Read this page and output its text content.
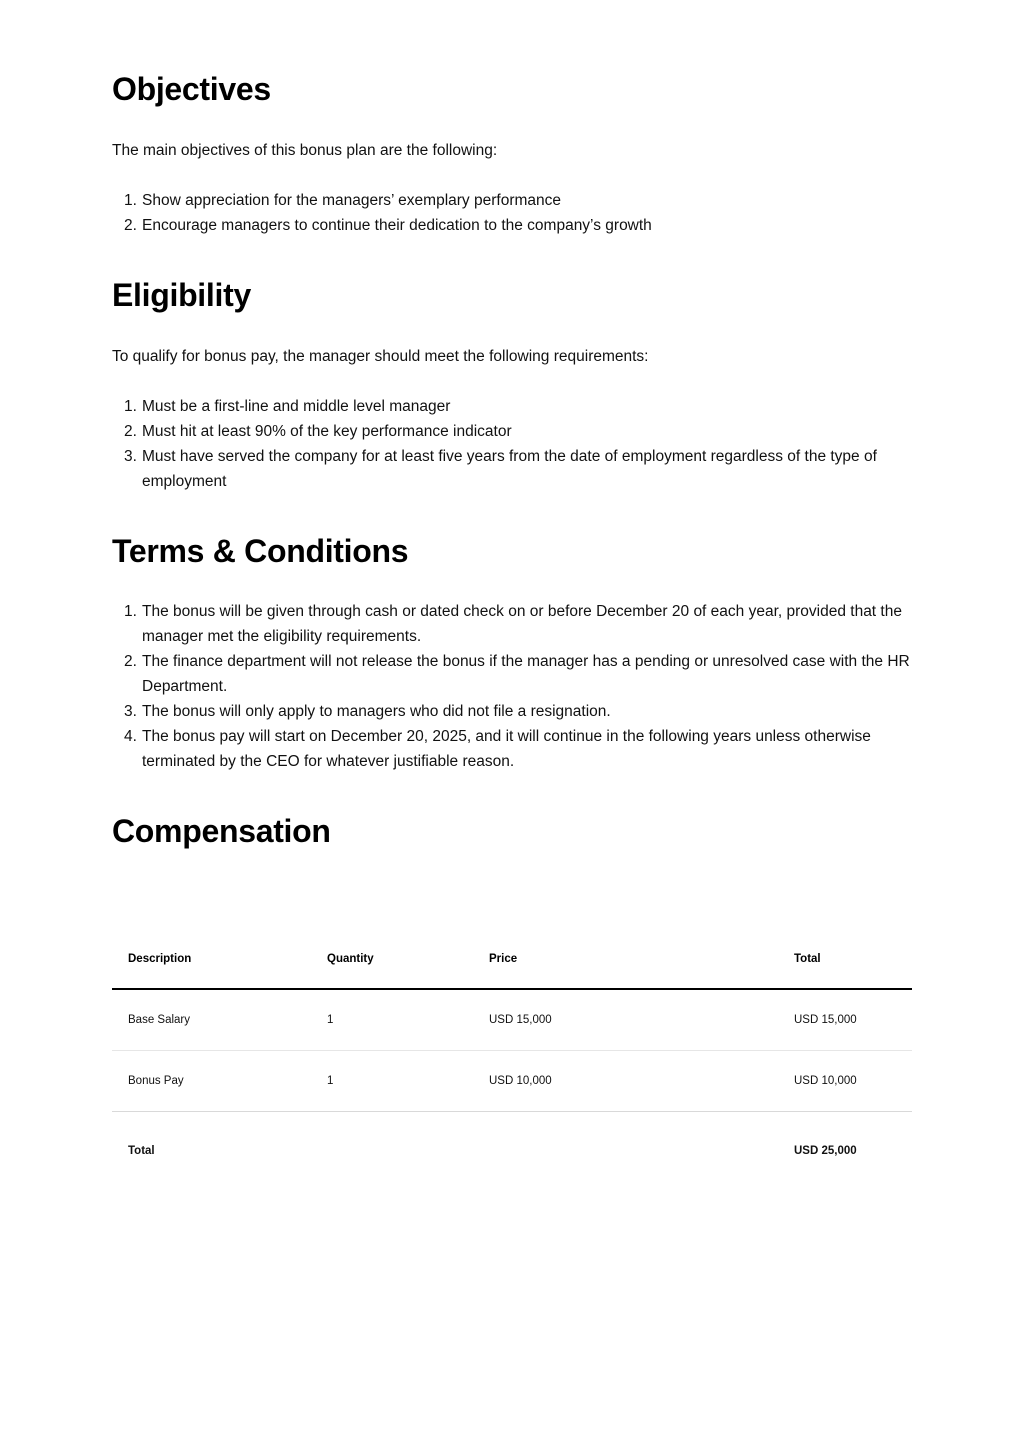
Objectives

The main objectives of this bonus plan are the following:

1. Show appreciation for the managers’ exemplary performance
2. Encourage managers to continue their dedication to the company’s growth
Eligibility

To qualify for bonus pay, the manager should meet the following requirements:

1. Must be a first-line and middle level manager
2. Must hit at least 90% of the key performance indicator
3. Must have served the company for at least five years from the date of employment regardless of the type of employment
Terms & Conditions
1. The bonus will be given through cash or dated check on or before December 20 of each year, provided that the manager met the eligibility requirements.
2. The finance department will not release the bonus if the manager has a pending or unresolved case with the HR Department.
3. The bonus will only apply to managers who did not file a resignation.
4. The bonus pay will start on December 20, 2025, and it will continue in the following years unless otherwise terminated by the CEO for whatever justifiable reason.
Compensation
Description	Quantity	Price	Total
Base Salary	1	USD 15,000	USD 15,000
Bonus Pay	1	USD 10,000	USD 10,000
Total			USD 25,000
